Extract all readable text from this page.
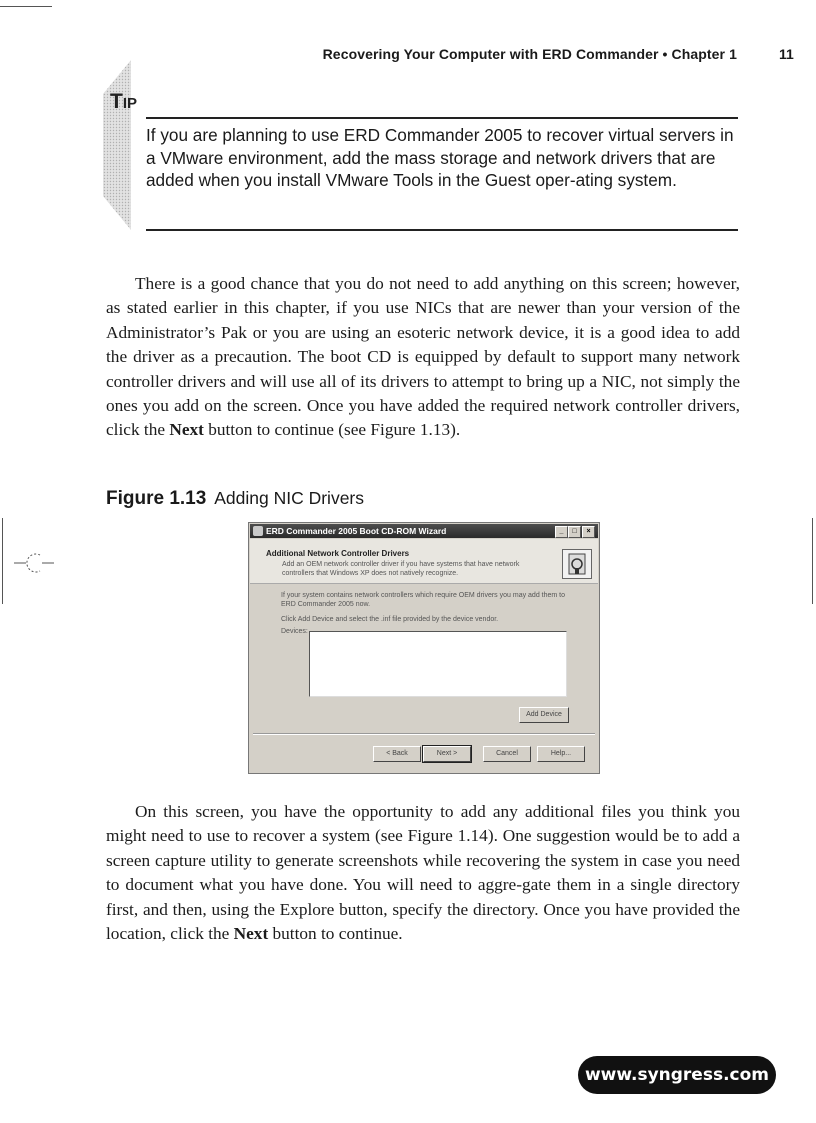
Recovering Your Computer with ERD Commander • Chapter 1	11
TIP
If you are planning to use ERD Commander 2005 to recover virtual servers in a VMware environment, add the mass storage and network drivers that are added when you install VMware Tools in the Guest oper-ating system.

There is a good chance that you do not need to add anything on this screen; however, as stated earlier in this chapter, if you use NICs that are newer than your version of the Administrator’s Pak or you are using an esoteric network device, it is a good idea to add the driver as a precaution. The boot CD is equipped by default to support many network controller drivers and will use all of its drivers to attempt to bring up a NIC, not simply the ones you add on the screen. Once you have added the required network controller drivers, click the Next button to continue (see Figure 1.13).

Figure 1.13 Adding NIC Drivers
ERD Commander 2005 Boot CD-ROM Wizard	_	□	×
Additional Network Controller Drivers
Add an OEM network controller driver if you have systems that have network controllers that Windows XP does not natively recognize.
If your system contains network controllers which require OEM drivers you may add them to ERD Commander 2005 now.
Click Add Device and select the .inf file provided by the device vendor.
Devices:
Add Device
< Back	Next >	Cancel	Help...

On this screen, you have the opportunity to add any additional files you think you might need to use to recover a system (see Figure 1.14). One suggestion would be to add a screen capture utility to generate screenshots while recovering the system in case you need to document what you have done. You will need to aggre-gate them in a single directory first, and then, using the Explore button, specify the directory. Once you have provided the location, click the Next button to continue.

www.syngress.com
